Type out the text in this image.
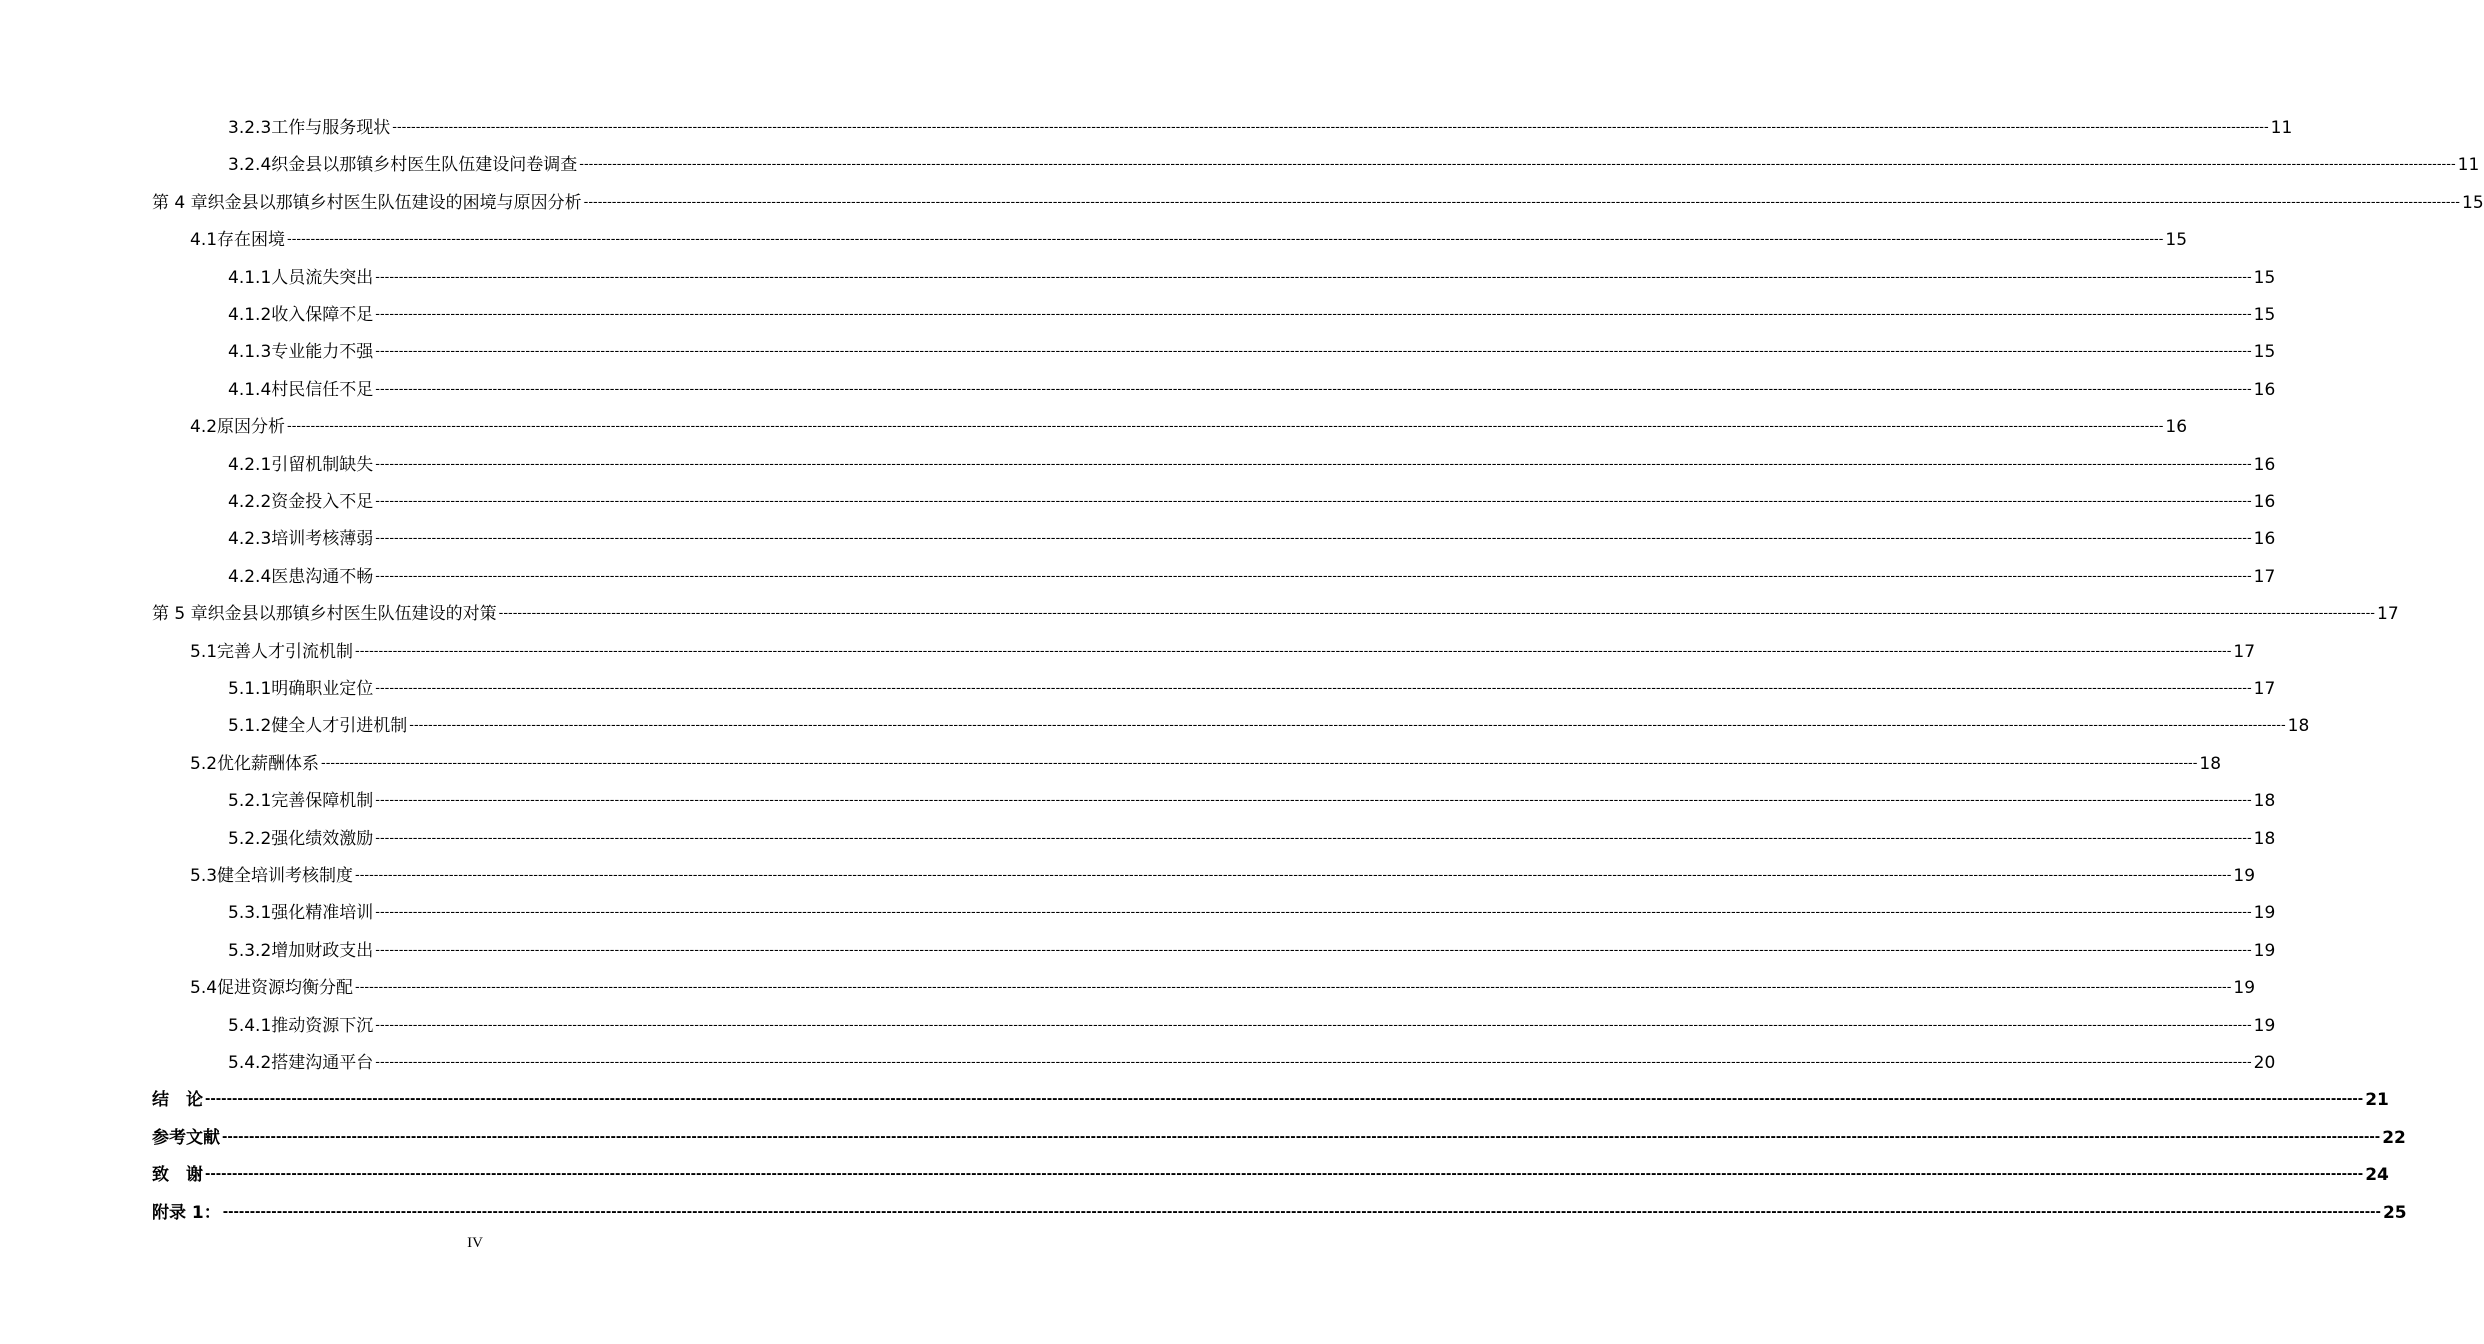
3.2.3 工作与服务现状 ---------------------------------------------------------------------------------------------------------------------------------------------------------------------------------------------------------------------------------------------------------------------------------------------------------------------------------------------------------------------------------------------------------------- 11
3.2.4 织金县以那镇乡村医生队伍建设问卷调查 ---------------------------------------------------------------------------------------------------------------------------------------------------------------------------------------------------------------------------------------------------------------------------------------------------------------------------------------------------------------------------------------------------------------- 11
第 4 章 织金县以那镇乡村医生队伍建设的困境与原因分析 ---------------------------------------------------------------------------------------------------------------------------------------------------------------------------------------------------------------------------------------------------------------------------------------------------------------------------------------------------------------------------------------------------------------- 15
4.1 存在困境 ---------------------------------------------------------------------------------------------------------------------------------------------------------------------------------------------------------------------------------------------------------------------------------------------------------------------------------------------------------------------------------------------------------------- 15
4.1.1 人员流失突出 ---------------------------------------------------------------------------------------------------------------------------------------------------------------------------------------------------------------------------------------------------------------------------------------------------------------------------------------------------------------------------------------------------------------- 15
4.1.2 收入保障不足 ---------------------------------------------------------------------------------------------------------------------------------------------------------------------------------------------------------------------------------------------------------------------------------------------------------------------------------------------------------------------------------------------------------------- 15
4.1.3 专业能力不强 ---------------------------------------------------------------------------------------------------------------------------------------------------------------------------------------------------------------------------------------------------------------------------------------------------------------------------------------------------------------------------------------------------------------- 15
4.1.4 村民信任不足 ---------------------------------------------------------------------------------------------------------------------------------------------------------------------------------------------------------------------------------------------------------------------------------------------------------------------------------------------------------------------------------------------------------------- 16
4.2 原因分析 ---------------------------------------------------------------------------------------------------------------------------------------------------------------------------------------------------------------------------------------------------------------------------------------------------------------------------------------------------------------------------------------------------------------- 16
4.2.1 引留机制缺失 ---------------------------------------------------------------------------------------------------------------------------------------------------------------------------------------------------------------------------------------------------------------------------------------------------------------------------------------------------------------------------------------------------------------- 16
4.2.2 资金投入不足 ---------------------------------------------------------------------------------------------------------------------------------------------------------------------------------------------------------------------------------------------------------------------------------------------------------------------------------------------------------------------------------------------------------------- 16
4.2.3 培训考核薄弱 ---------------------------------------------------------------------------------------------------------------------------------------------------------------------------------------------------------------------------------------------------------------------------------------------------------------------------------------------------------------------------------------------------------------- 16
4.2.4 医患沟通不畅 ---------------------------------------------------------------------------------------------------------------------------------------------------------------------------------------------------------------------------------------------------------------------------------------------------------------------------------------------------------------------------------------------------------------- 17
第 5 章 织金县以那镇乡村医生队伍建设的对策 ---------------------------------------------------------------------------------------------------------------------------------------------------------------------------------------------------------------------------------------------------------------------------------------------------------------------------------------------------------------------------------------------------------------- 17
5.1 完善人才引流机制 ---------------------------------------------------------------------------------------------------------------------------------------------------------------------------------------------------------------------------------------------------------------------------------------------------------------------------------------------------------------------------------------------------------------- 17
5.1.1 明确职业定位 ---------------------------------------------------------------------------------------------------------------------------------------------------------------------------------------------------------------------------------------------------------------------------------------------------------------------------------------------------------------------------------------------------------------- 17
5.1.2 健全人才引进机制 ---------------------------------------------------------------------------------------------------------------------------------------------------------------------------------------------------------------------------------------------------------------------------------------------------------------------------------------------------------------------------------------------------------------- 18
5.2 优化薪酬体系 ---------------------------------------------------------------------------------------------------------------------------------------------------------------------------------------------------------------------------------------------------------------------------------------------------------------------------------------------------------------------------------------------------------------- 18
5.2.1 完善保障机制 ---------------------------------------------------------------------------------------------------------------------------------------------------------------------------------------------------------------------------------------------------------------------------------------------------------------------------------------------------------------------------------------------------------------- 18
5.2.2 强化绩效激励 ---------------------------------------------------------------------------------------------------------------------------------------------------------------------------------------------------------------------------------------------------------------------------------------------------------------------------------------------------------------------------------------------------------------- 18
5.3 健全培训考核制度 ---------------------------------------------------------------------------------------------------------------------------------------------------------------------------------------------------------------------------------------------------------------------------------------------------------------------------------------------------------------------------------------------------------------- 19
5.3.1 强化精准培训 ---------------------------------------------------------------------------------------------------------------------------------------------------------------------------------------------------------------------------------------------------------------------------------------------------------------------------------------------------------------------------------------------------------------- 19
5.3.2 增加财政支出 ---------------------------------------------------------------------------------------------------------------------------------------------------------------------------------------------------------------------------------------------------------------------------------------------------------------------------------------------------------------------------------------------------------------- 19
5.4 促进资源均衡分配 ---------------------------------------------------------------------------------------------------------------------------------------------------------------------------------------------------------------------------------------------------------------------------------------------------------------------------------------------------------------------------------------------------------------- 19
5.4.1 推动资源下沉 ---------------------------------------------------------------------------------------------------------------------------------------------------------------------------------------------------------------------------------------------------------------------------------------------------------------------------------------------------------------------------------------------------------------- 19
5.4.2 搭建沟通平台 ---------------------------------------------------------------------------------------------------------------------------------------------------------------------------------------------------------------------------------------------------------------------------------------------------------------------------------------------------------------------------------------------------------------- 20
结　论 ---------------------------------------------------------------------------------------------------------------------------------------------------------------------------------------------------------------------------------------------------------------------------------------------------------------------------------------------------------------------------------------------------------------- 21
参考文献 ---------------------------------------------------------------------------------------------------------------------------------------------------------------------------------------------------------------------------------------------------------------------------------------------------------------------------------------------------------------------------------------------------------------- 22
致　谢 ---------------------------------------------------------------------------------------------------------------------------------------------------------------------------------------------------------------------------------------------------------------------------------------------------------------------------------------------------------------------------------------------------------------- 24
附录 1： ---------------------------------------------------------------------------------------------------------------------------------------------------------------------------------------------------------------------------------------------------------------------------------------------------------------------------------------------------------------------------------------------------------------- 25
IV
